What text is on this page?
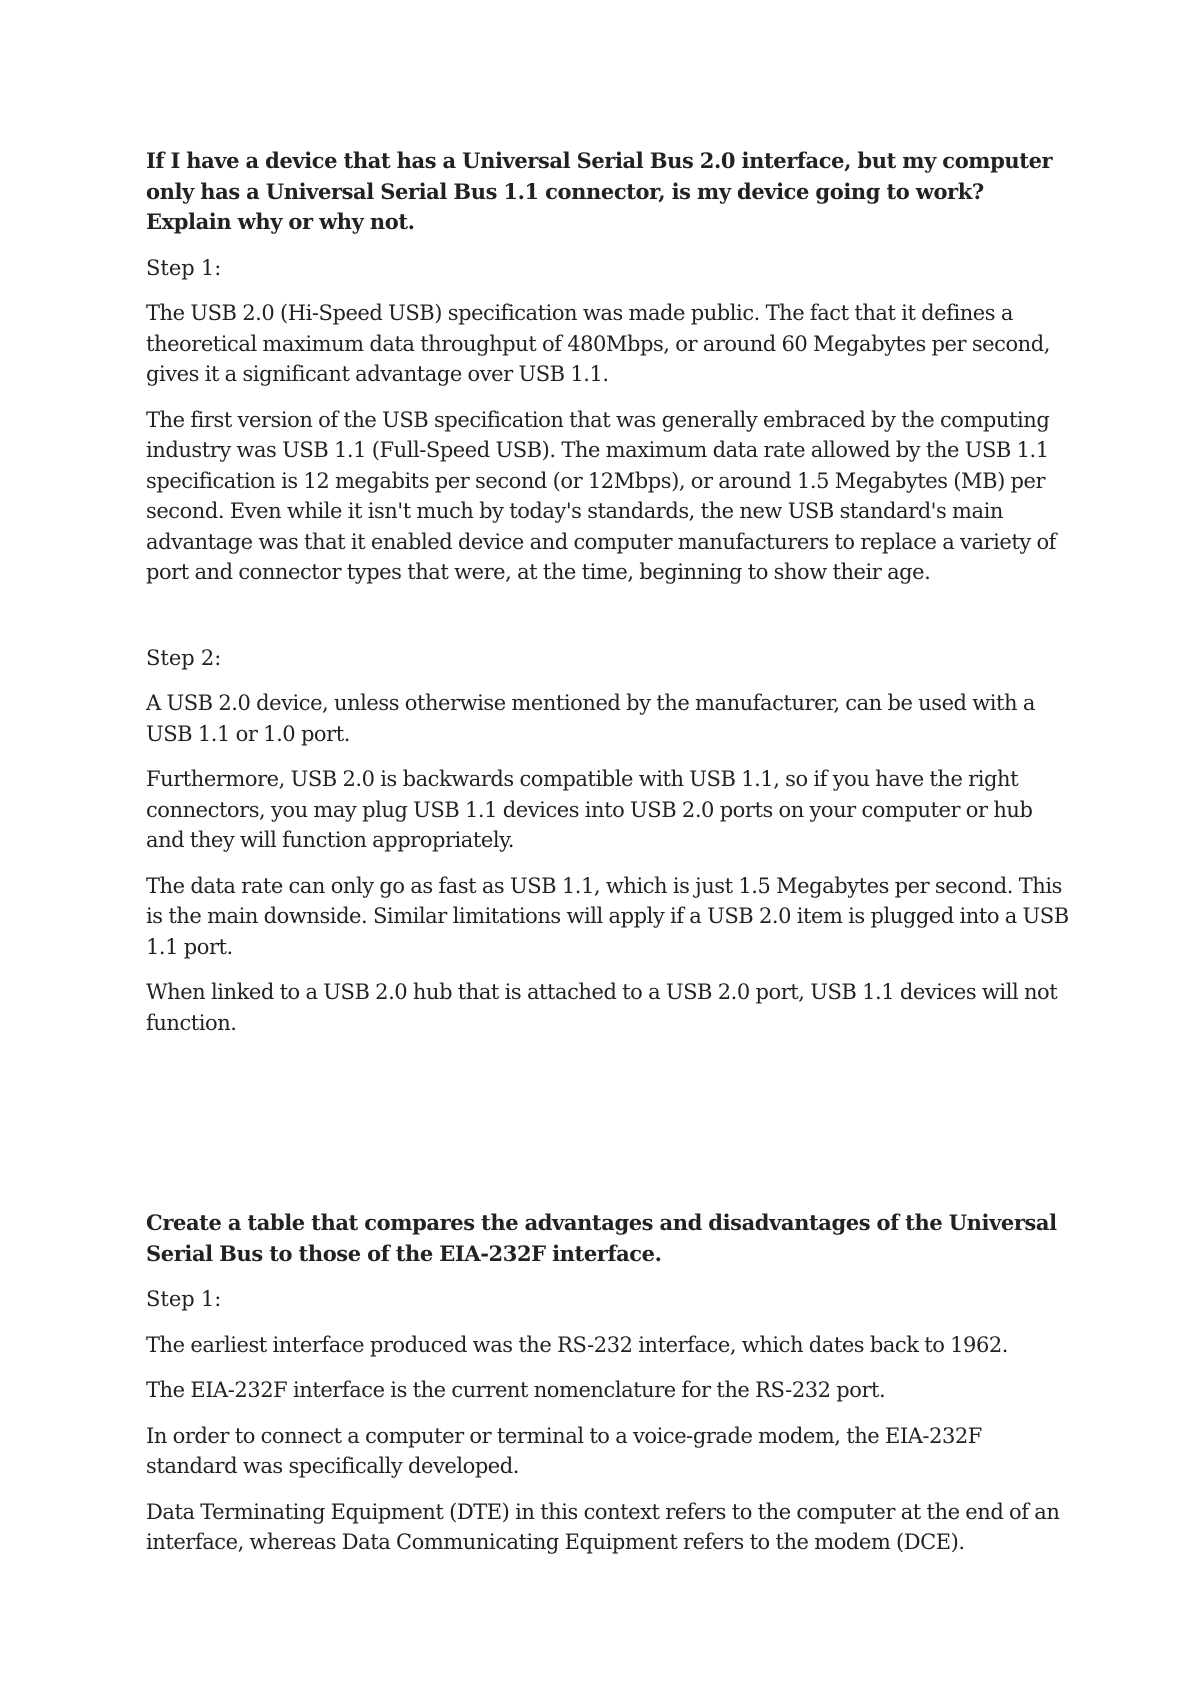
If I have a device that has a Universal Serial Bus 2.0 interface, but my computer only has a Universal Serial Bus 1.1 connector, is my device going to work? Explain why or why not.

Step 1:

The USB 2.0 (Hi-Speed USB) specification was made public. The fact that it defines a theoretical maximum data throughput of 480Mbps, or around 60 Megabytes per second, gives it a significant advantage over USB 1.1.

The first version of the USB specification that was generally embraced by the computing industry was USB 1.1 (Full-Speed USB). The maximum data rate allowed by the USB 1.1 specification is 12 megabits per second (or 12Mbps), or around 1.5 Megabytes (MB) per second. Even while it isn't much by today's standards, the new USB standard's main advantage was that it enabled device and computer manufacturers to replace a variety of port and connector types that were, at the time, beginning to show their age.

Step 2:

A USB 2.0 device, unless otherwise mentioned by the manufacturer, can be used with a USB 1.1 or 1.0 port.

Furthermore, USB 2.0 is backwards compatible with USB 1.1, so if you have the right connectors, you may plug USB 1.1 devices into USB 2.0 ports on your computer or hub and they will function appropriately.

The data rate can only go as fast as USB 1.1, which is just 1.5 Megabytes per second. This is the main downside. Similar limitations will apply if a USB 2.0 item is plugged into a USB 1.1 port.

When linked to a USB 2.0 hub that is attached to a USB 2.0 port, USB 1.1 devices will not function.

Create a table that compares the advantages and disadvantages of the Universal Serial Bus to those of the EIA-232F interface.

Step 1:

The earliest interface produced was the RS-232 interface, which dates back to 1962.

The EIA-232F interface is the current nomenclature for the RS-232 port.

In order to connect a computer or terminal to a voice-grade modem, the EIA-232F standard was specifically developed.

Data Terminating Equipment (DTE) in this context refers to the computer at the end of an interface, whereas Data Communicating Equipment refers to the modem (DCE).
